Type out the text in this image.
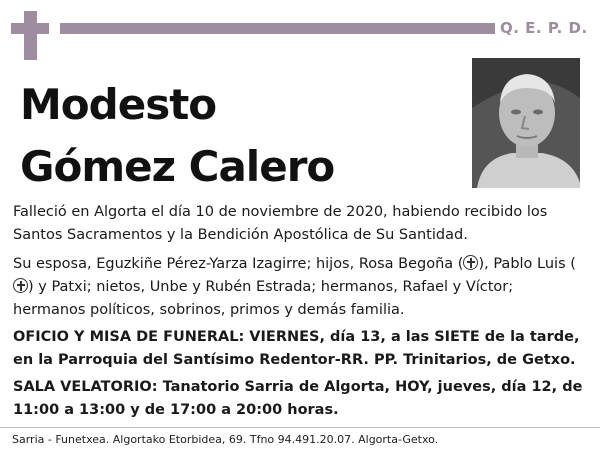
Q. E. P. D.
Modesto
Gómez Calero

Falleció en Algorta el día 10 de noviembre de 2020, habiendo recibido los Santos Sacramentos y la Bendición Apostólica de Su Santidad.

Su esposa, Eguzkiñe Pérez-Yarza Izagirre; hijos, Rosa Begoña ( ), Pablo Luis () y Patxi; nietos, Unbe y Rubén Estrada; hermanos, Rafael y Víctor; hermanos políticos, sobrinos, primos y demás familia.

OFICIO Y MISA DE FUNERAL: VIERNES, día 13, a las SIETE de la tarde, en la Parroquia del Santísimo Redentor-RR. PP. Trinitarios, de Getxo.

SALA VELATORIO: Tanatorio Sarria de Algorta, HOY, jueves, día 12, de 11:00 a 13:00 y de 17:00 a 20:00 horas.

Sarria - Funetxea. Algortako Etorbidea, 69. Tfno 94.491.20.07. Algorta-Getxo.
